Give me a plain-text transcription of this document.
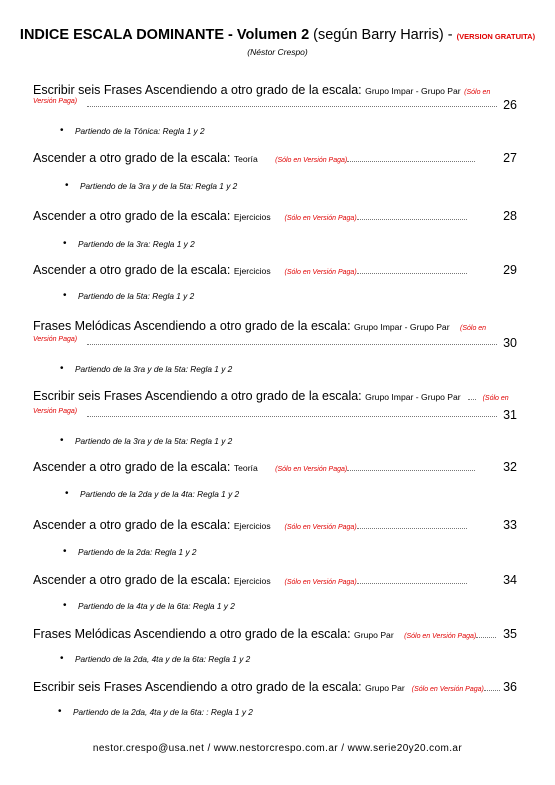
INDICE ESCALA DOMINANTE - Volumen 2 (según Barry Harris) - (VERSION GRATUITA)
(Néstor Crespo)
Escribir seis Frases Ascendiendo a otro grado de la escala: Grupo Impar - Grupo Par (Sólo en
Versión Paga)	26
• Partiendo de la Tónica: Regla 1 y 2
Ascender a otro grado de la escala: Teoría (Sólo en Versión Paga)	27
• Partiendo de la 3ra y de la 5ta: Regla 1 y 2
Ascender a otro grado de la escala: Ejercicios (Sólo en Versión Paga)	28
• Partiendo de la 3ra: Regla 1 y 2
Ascender a otro grado de la escala: Ejercicios (Sólo en Versión Paga)	29
• Partiendo de la 5ta: Regla 1 y 2
Frases Melódicas Ascendiendo a otro grado de la escala: Grupo Impar - Grupo Par (Sólo en
Versión Paga)	30
• Partiendo de la 3ra y de la 5ta: Regla 1 y 2
Escribir seis Frases Ascendiendo a otro grado de la escala: Grupo Impar - Grupo Par	(Sólo en
Versión Paga)	31
• Partiendo de la 3ra y de la 5ta: Regla 1 y 2
Ascender a otro grado de la escala: Teoría (Sólo en Versión Paga)	32
• Partiendo de la 2da y de la 4ta: Regla 1 y 2
Ascender a otro grado de la escala: Ejercicios (Sólo en Versión Paga)	33
• Partiendo de la 2da: Regla 1 y 2
Ascender a otro grado de la escala: Ejercicios (Sólo en Versión Paga)	34
• Partiendo de la 4ta y de la 6ta: Regla 1 y 2
Frases Melódicas Ascendiendo a otro grado de la escala: Grupo Par (Sólo en Versión Paga)	35
• Partiendo de la 2da, 4ta y de la 6ta: Regla 1 y 2
Escribir seis Frases Ascendiendo a otro grado de la escala: Grupo Par (Sólo en Versión Paga)	36
• Partiendo de la 2da, 4ta y de la 6ta: : Regla 1 y 2
nestor.crespo@usa.net / www.nestorcrespo.com.ar / www.serie20y20.com.ar
